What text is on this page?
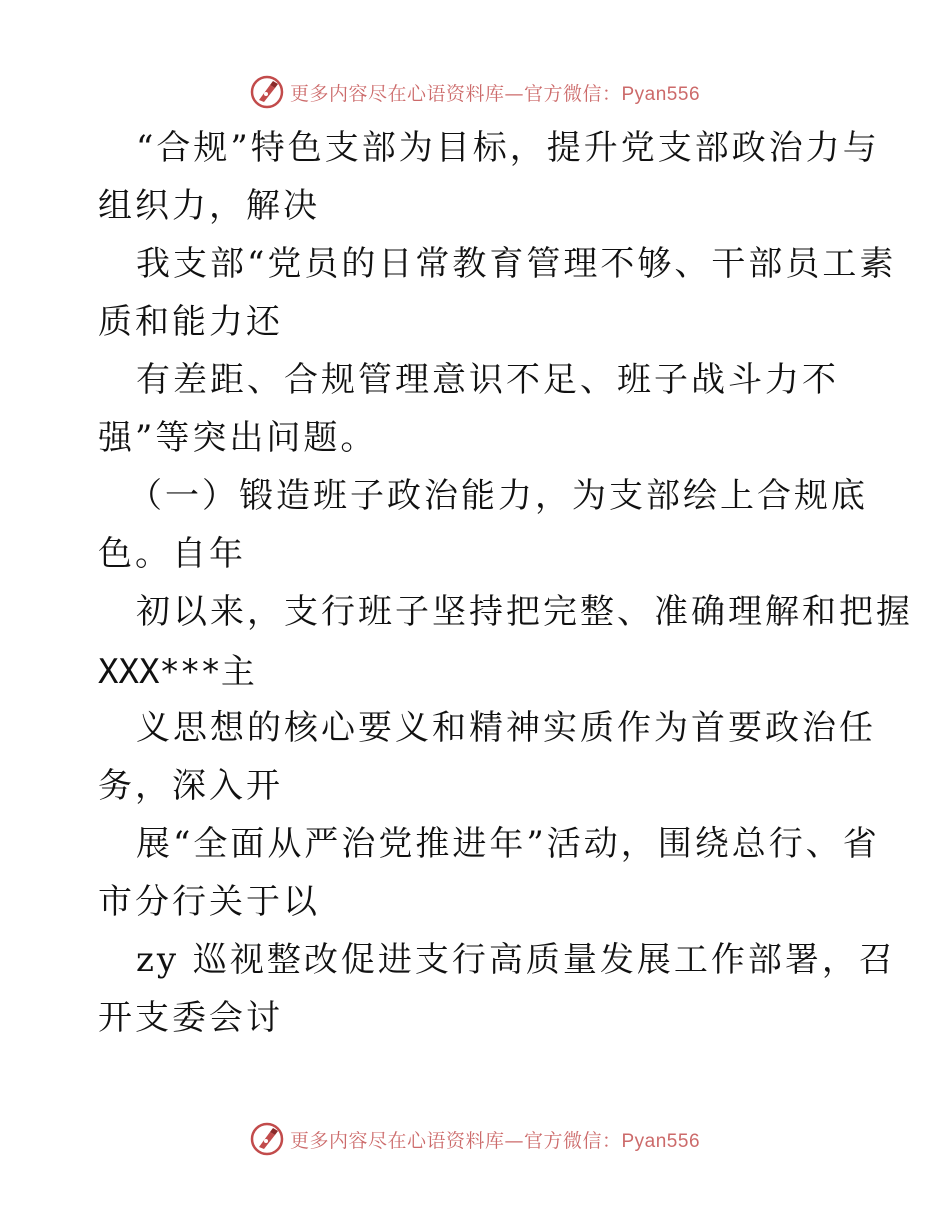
更多内容尽在心语资料库—官方微信：Pyan556
“合规”特色支部为目标，提升党支部政治力与
组织力，解决
我支部“党员的日常教育管理不够、干部员工素
质和能力还
有差距、合规管理意识不足、班子战斗力不
强”等突出问题。
（一）锻造班子政治能力，为支部绘上合规底
色。自年
初以来，支行班子坚持把完整、准确理解和把握
XXX***主
义思想的核心要义和精神实质作为首要政治任
务，深入开
展“全面从严治党推进年”活动，围绕总行、省
市分行关于以
zy 巡视整改促进支行高质量发展工作部署，召
开支委会讨
更多内容尽在心语资料库—官方微信：Pyan556
